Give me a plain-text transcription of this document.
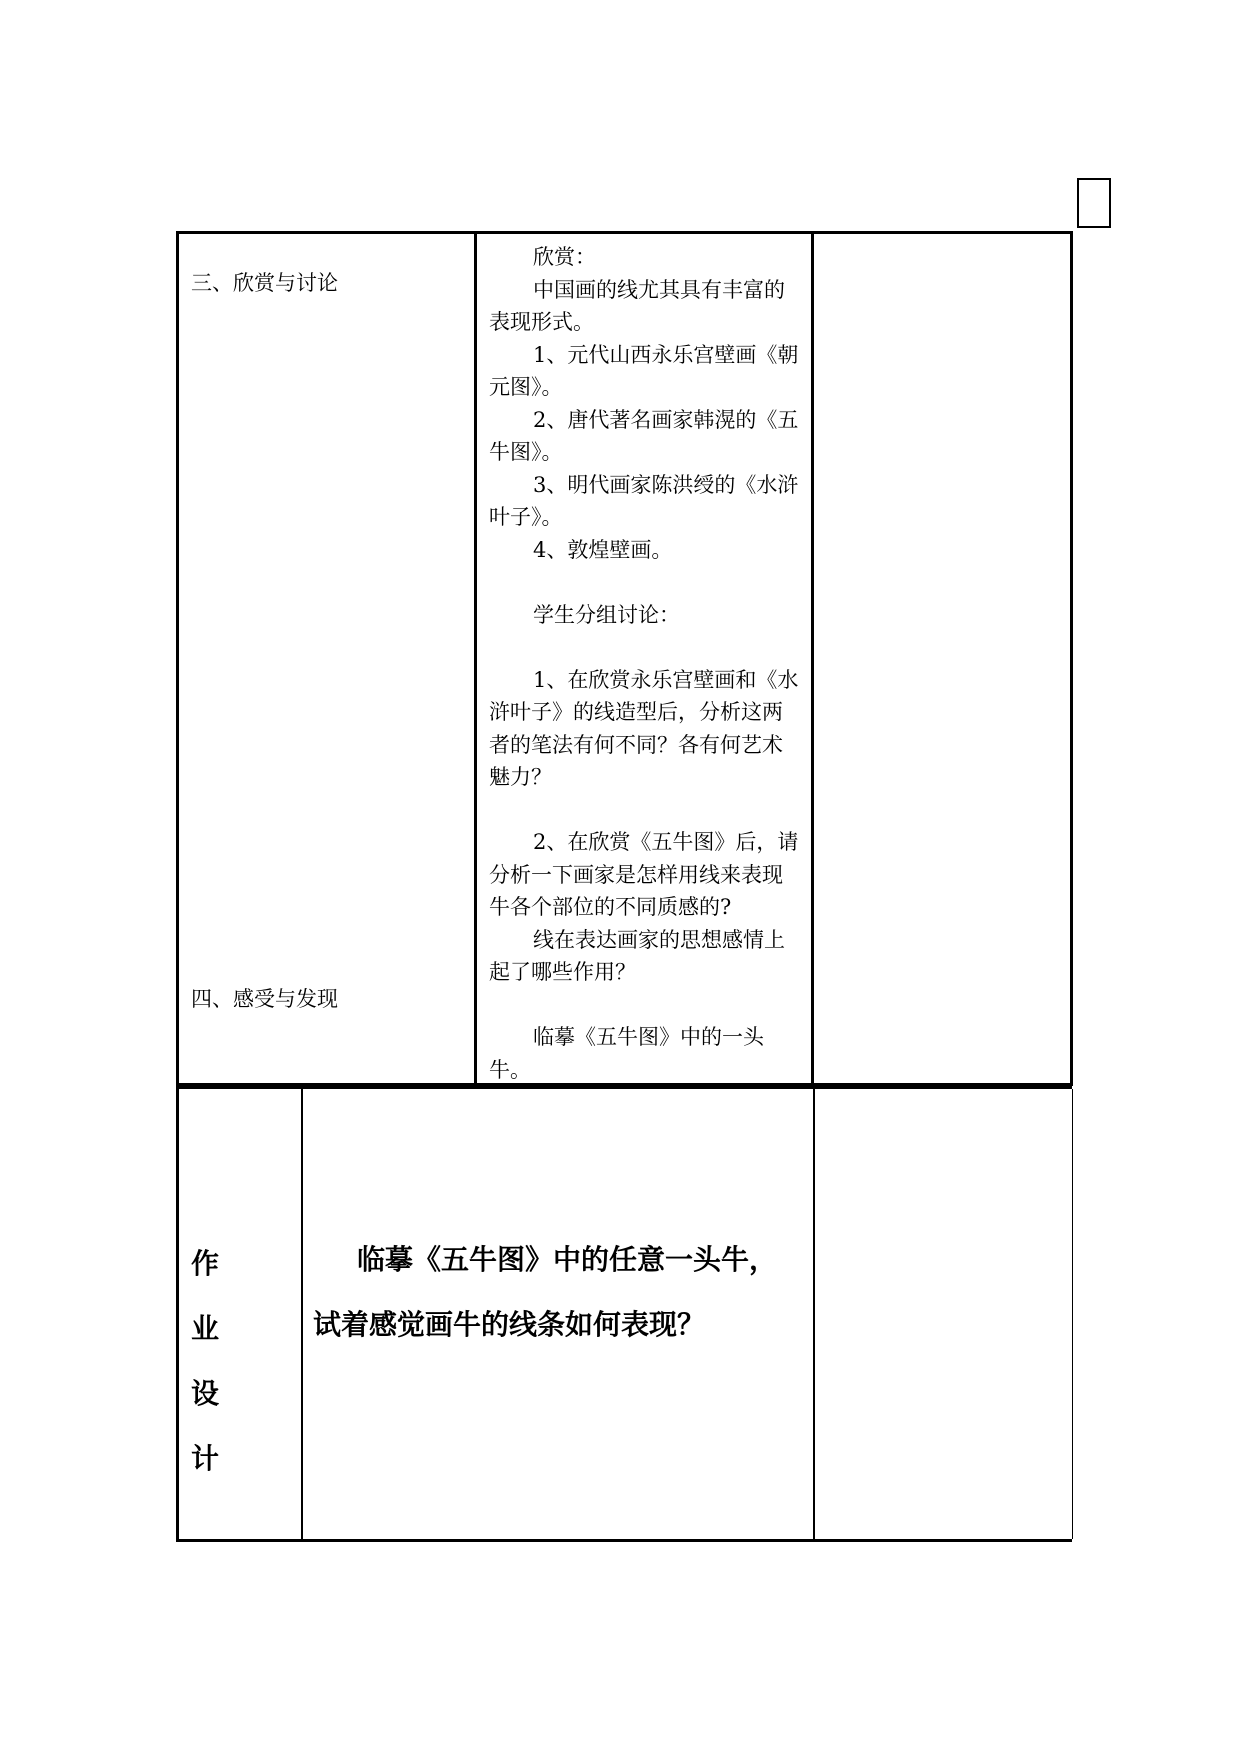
三、欣赏与讨论
四、感受与发现

欣赏：

中国画的线尤其具有丰富的表现形式。

1、元代山西永乐宫壁画《朝元图》。

2、唐代著名画家韩滉的《五牛图》。

3、明代画家陈洪绶的《水浒叶子》。

4、敦煌壁画。

学生分组讨论：

1、在欣赏永乐宫壁画和《水浒叶子》的线造型后，分析这两者的笔法有何不同？各有何艺术魅力？

2、在欣赏《五牛图》后，请分析一下画家是怎样用线来表现牛各个部位的不同质感的?

线在表达画家的思想感情上起了哪些作用？

临摹《五牛图》中的一头牛。

作
业
设
计

临摹《五牛图》中的任意一头牛，试着感觉画牛的线条如何表现？
